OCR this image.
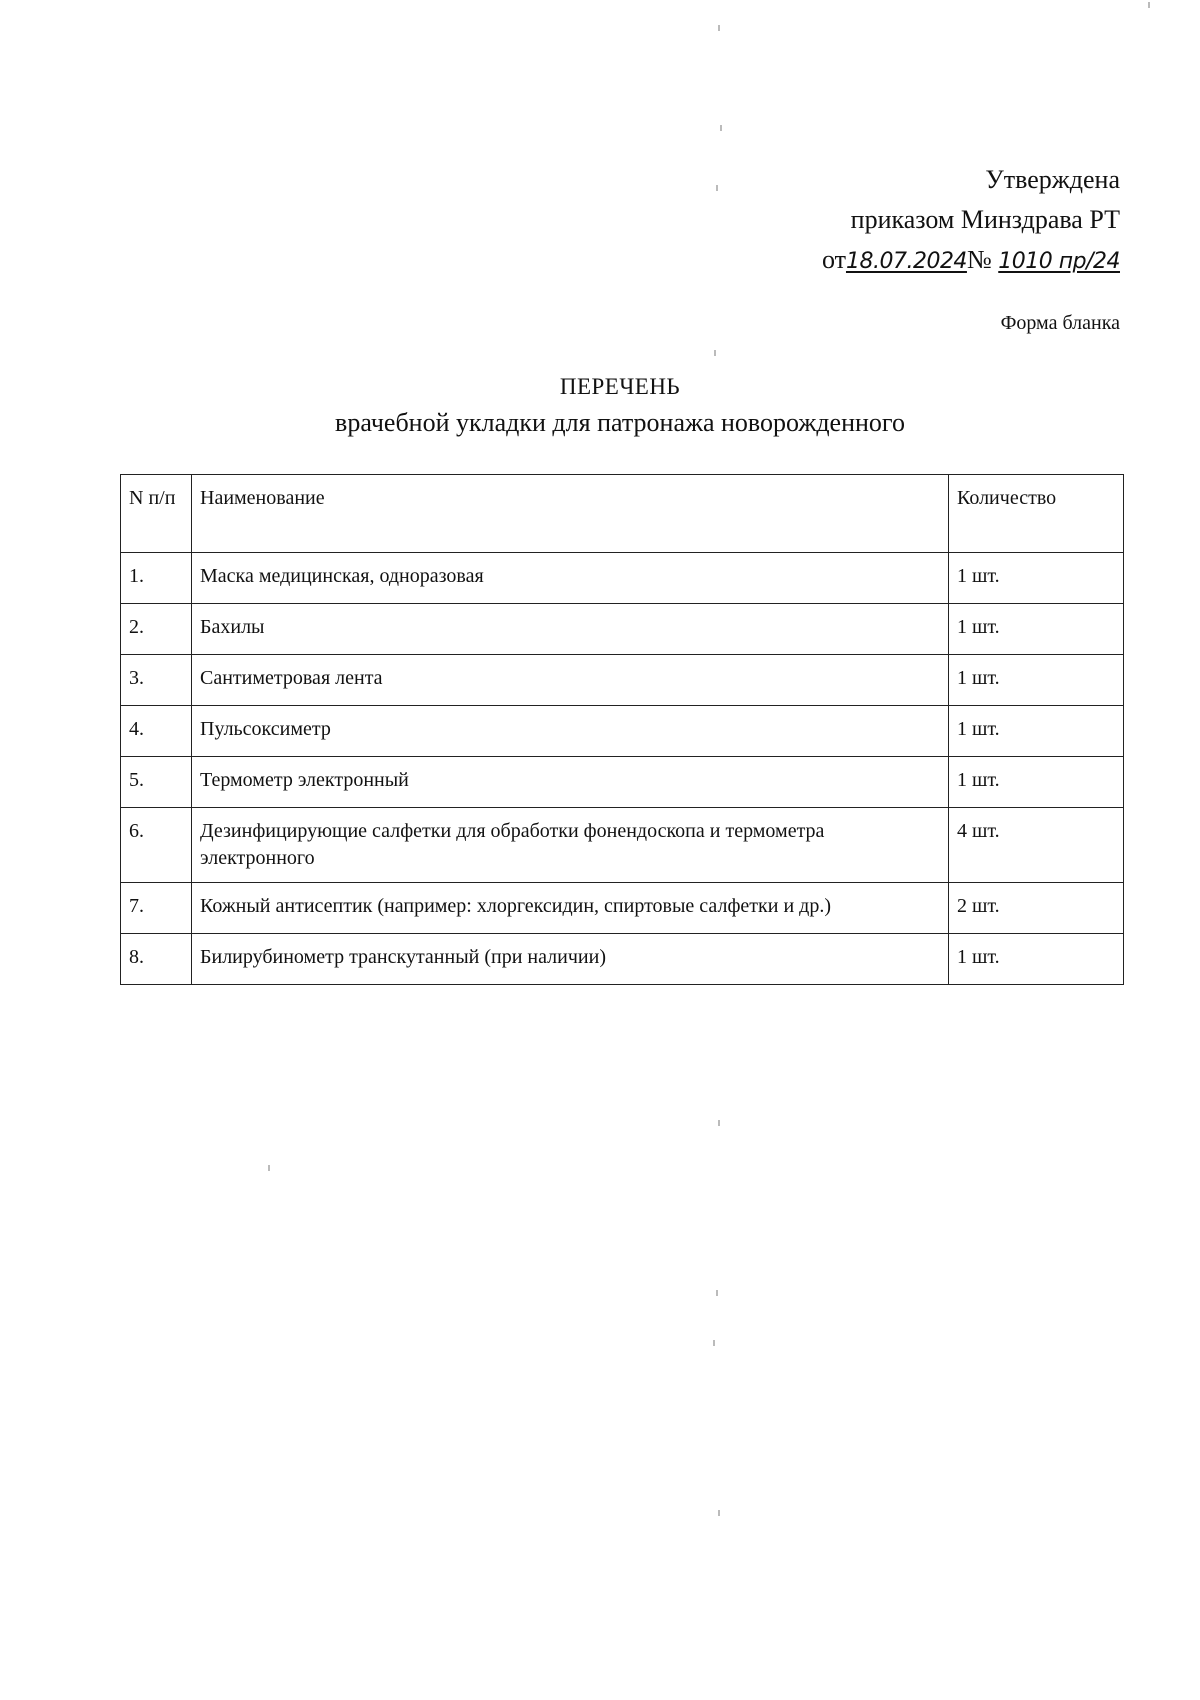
Утверждена
приказом Минздрава РТ
от18.07.2024№ 1010 пр/24
Форма бланка
ПЕРЕЧЕНЬ
врачебной укладки для патронажа новорожденного
N п/п	Наименование	Количество
1.	Маска медицинская, одноразовая	1 шт.
2.	Бахилы	1 шт.
3.	Сантиметровая лента	1 шт.
4.	Пульсоксиметр	1 шт.
5.	Термометр электронный	1 шт.
6.	Дезинфицирующие салфетки для обработки фонендоскопа и термометра электронного	4 шт.
7.	Кожный антисептик (например: хлоргексидин, спиртовые салфетки и др.)	2 шт.
8.	Билирубинометр транскутанный (при наличии)	1 шт.
